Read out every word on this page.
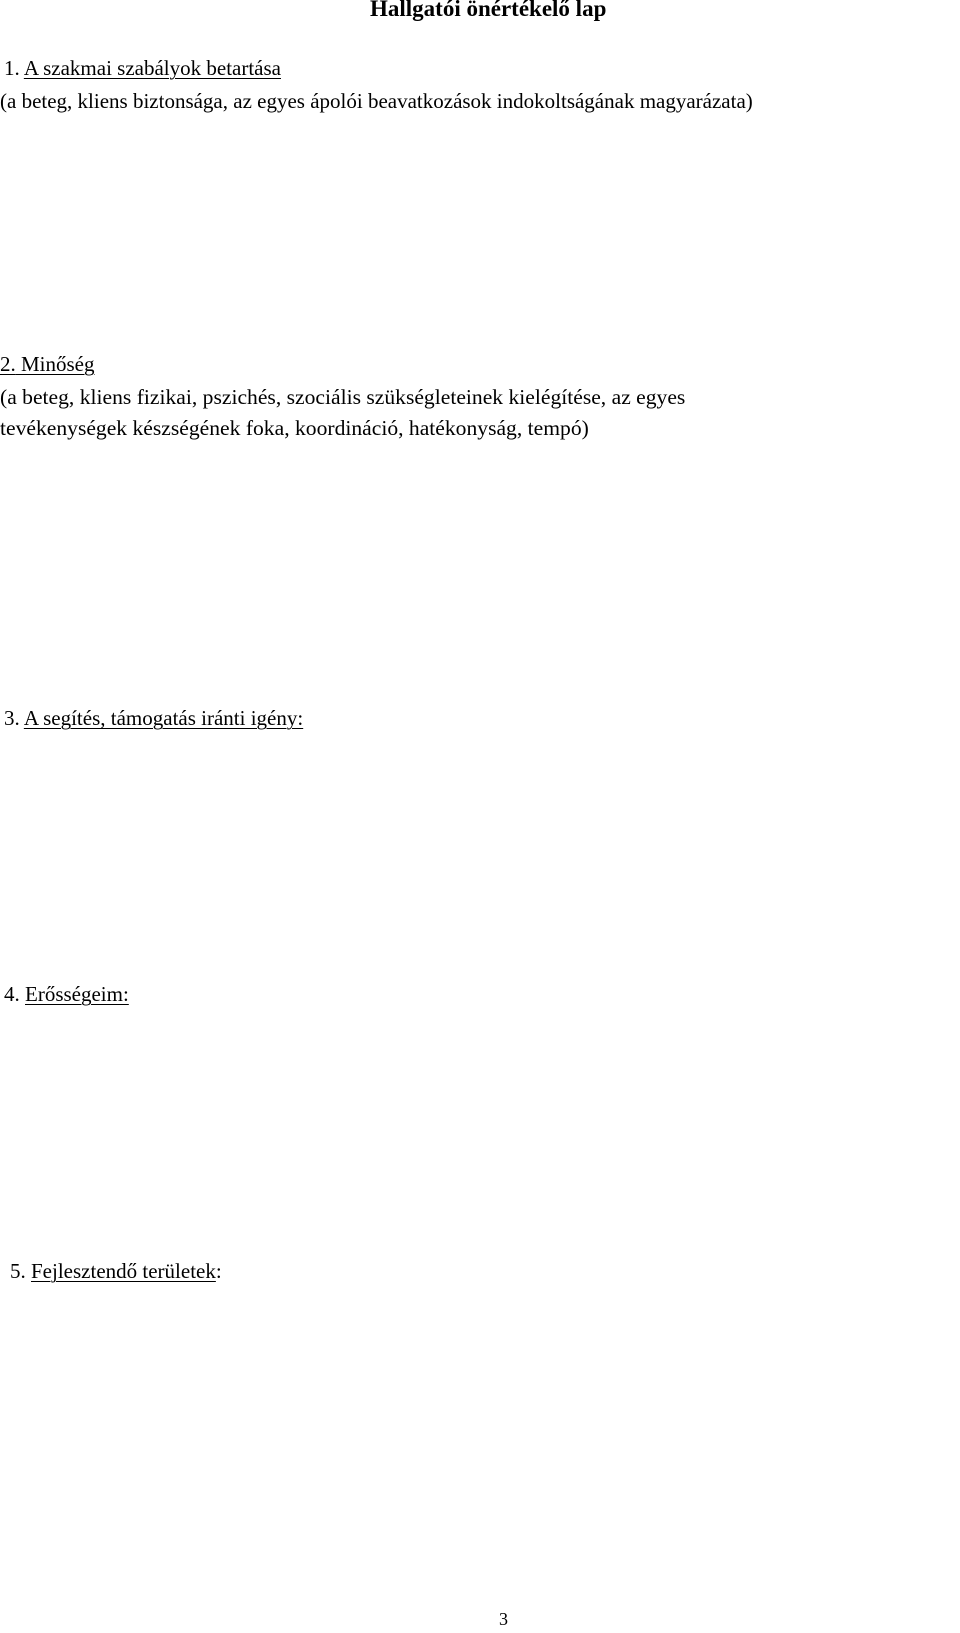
Hallgatói önértékelő lap
1. A szakmai szabályok betartása
(a beteg, kliens biztonsága, az egyes ápolói beavatkozások indokoltságának magyarázata)
2. Minőség
(a beteg, kliens fizikai, pszichés, szociális szükségleteinek kielégítése, az egyes
tevékenységek készségének foka, koordináció, hatékonyság, tempó)
3. A segítés, támogatás iránti igény:
4. Erősségeim:
5. Fejlesztendő területek:
3
